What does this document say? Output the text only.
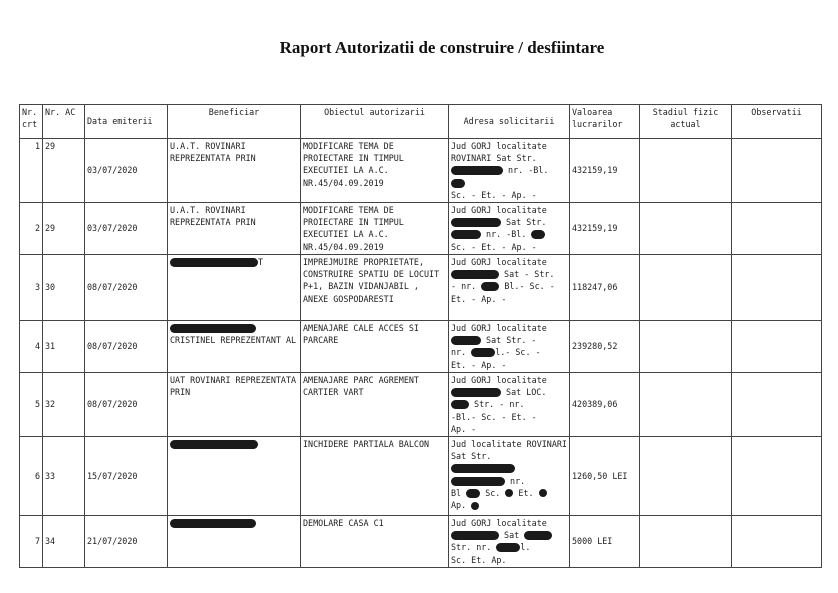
Raport Autorizatii de construire / desfiintare
Nr. crt	Nr. AC	Data emiterii	Beneficiar	Obiectul autorizarii	Adresa solicitarii	Valoarea lucrarilor	Stadiul fizic actual	Observatii
1	29	03/07/2020	U.A.T. ROVINARI REPREZENTATA PRIN	MODIFICARE TEMA DE PROIECTARE IN TIMPUL EXECUTIEI LA A.C. NR.45/04.09.2019	Jud GORJ localitate ROVINARI Sat Str.
nr. -Bl.
Sc. - Et. - Ap. -	432159,19		
2	29	03/07/2020	U.A.T. ROVINARI REPREZENTATA PRIN	MODIFICARE TEMA DE PROIECTARE IN TIMPUL EXECUTIEI LA A.C. NR.45/04.09.2019	Jud GORJ localitate
Sat Str.
nr. -Bl.
Sc. - Et. - Ap. -	432159,19		
3	30	08/07/2020	T	IMPREJMUIRE PROPRIETATE, CONSTRUIRE SPATIU DE LOCUIT P+1, BAZIN VIDANJABIL , ANEXE GOSPODARESTI	Jud GORJ localitate
Sat - Str.
- nr. Bl.- Sc. -
Et. - Ap. -	118247,06		
4	31	08/07/2020	CRISTINEL REPREZENTANT AL	AMENAJARE CALE ACCES SI PARCARE	Jud GORJ localitate
Sat Str. -
nr. l.- Sc. -
Et. - Ap. -	239280,52		
5	32	08/07/2020	UAT ROVINARI REPREZENTATA PRIN	AMENAJARE PARC AGREMENT CARTIER VART	Jud GORJ localitate
Sat LOC.
Str. - nr.
-Bl.- Sc. - Et. -
Ap. -	420389,06		
6	33	15/07/2020		INCHIDERE PARTIALA BALCON	Jud localitate ROVINARI Sat Str.

nr.
Bl Sc. Et.
Ap.	1260,50 LEI		
7	34	21/07/2020		DEMOLARE CASA C1	Jud GORJ localitate
Sat
Str. nr. l.
Sc. Et. Ap.	5000 LEI		
